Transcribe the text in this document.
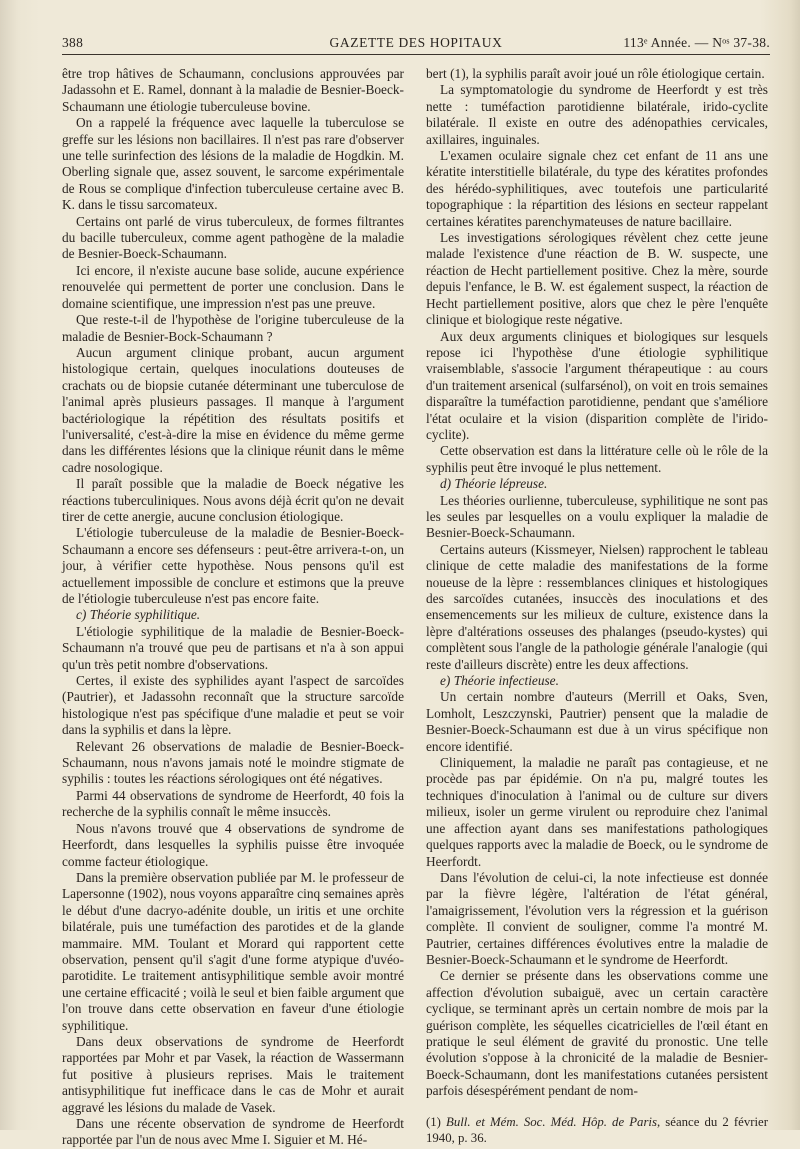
388	GAZETTE DES HOPITAUX	113ᵉ Année. — Nᵒˢ 37-38.

être trop hâtives de Schaumann, conclusions approuvées par Jadassohn et E. Ramel, donnant à la maladie de Besnier-Boeck-Schaumann une étiologie tuberculeuse bovine.

On a rappelé la fréquence avec laquelle la tuberculose se greffe sur les lésions non bacillaires. Il n'est pas rare d'observer une telle surinfection des lésions de la maladie de Hogdkin. M. Oberling signale que, assez souvent, le sarcome expérimentale de Rous se complique d'infection tuberculeuse certaine avec B. K. dans le tissu sarcomateux.

Certains ont parlé de virus tuberculeux, de formes filtrantes du bacille tuberculeux, comme agent pathogène de la maladie de Besnier-Boeck-Schaumann.

Ici encore, il n'existe aucune base solide, aucune expérience renouvelée qui permettent de porter une conclusion. Dans le domaine scientifique, une impression n'est pas une preuve.

Que reste-t-il de l'hypothèse de l'origine tuberculeuse de la maladie de Besnier-Bock-Schaumann ?

Aucun argument clinique probant, aucun argument histologique certain, quelques inoculations douteuses de crachats ou de biopsie cutanée déterminant une tuberculose de l'animal après plusieurs passages. Il manque à l'argument bactériologique la répétition des résultats positifs et l'universalité, c'est-à-dire la mise en évidence du même germe dans les différentes lésions que la clinique réunit dans le même cadre nosologique.

Il paraît possible que la maladie de Boeck négative les réactions tuberculiniques. Nous avons déjà écrit qu'on ne devait tirer de cette anergie, aucune conclusion étiologique.

L'étiologie tuberculeuse de la maladie de Besnier-Boeck-Schaumann a encore ses défenseurs : peut-être arrivera-t-on, un jour, à vérifier cette hypothèse. Nous pensons qu'il est actuellement impossible de conclure et estimons que la preuve de l'étiologie tuberculeuse n'est pas encore faite.

c) Théorie syphilitique.

L'étiologie syphilitique de la maladie de Besnier-Boeck-Schaumann n'a trouvé que peu de partisans et n'a à son appui qu'un très petit nombre d'observations.

Certes, il existe des syphilides ayant l'aspect de sarcoïdes (Pautrier), et Jadassohn reconnaît que la structure sarcoïde histologique n'est pas spécifique d'une maladie et peut se voir dans la syphilis et dans la lèpre.

Relevant 26 observations de maladie de Besnier-Boeck-Schaumann, nous n'avons jamais noté le moindre stigmate de syphilis : toutes les réactions sérologiques ont été négatives.

Parmi 44 observations de syndrome de Heerfordt, 40 fois la recherche de la syphilis connaît le même insuccès.

Nous n'avons trouvé que 4 observations de syndrome de Heerfordt, dans lesquelles la syphilis puisse être invoquée comme facteur étiologique.

Dans la première observation publiée par M. le professeur de Lapersonne (1902), nous voyons apparaître cinq semaines après le début d'une dacryo-adénite double, un iritis et une orchite bilatérale, puis une tuméfaction des parotides et de la glande mammaire. MM. Toulant et Morard qui rapportent cette observation, pensent qu'il s'agit d'une forme atypique d'uvéo-parotidite. Le traitement antisyphilitique semble avoir montré une certaine efficacité ; voilà le seul et bien faible argument que l'on trouve dans cette observation en faveur d'une étiologie syphilitique.

Dans deux observations de syndrome de Heerfordt rapportées par Mohr et par Vasek, la réaction de Wassermann fut positive à plusieurs reprises. Mais le traitement antisyphilitique fut inefficace dans le cas de Mohr et aurait aggravé les lésions du malade de Vasek.

Dans une récente observation de syndrome de Heerfordt rapportée par l'un de nous avec Mme I. Siguier et M. Hé-

bert (1), la syphilis paraît avoir joué un rôle étiologique certain.

La symptomatologie du syndrome de Heerfordt y est très nette : tuméfaction parotidienne bilatérale, irido-cyclite bilatérale. Il existe en outre des adénopathies cervicales, axillaires, inguinales.

L'examen oculaire signale chez cet enfant de 11 ans une kératite interstitielle bilatérale, du type des kératites profondes des hérédo-syphilitiques, avec toutefois une particularité topographique : la répartition des lésions en secteur rappelant certaines kératites parenchymateuses de nature bacillaire.

Les investigations sérologiques révèlent chez cette jeune malade l'existence d'une réaction de B. W. suspecte, une réaction de Hecht partiellement positive. Chez la mère, sourde depuis l'enfance, le B. W. est également suspect, la réaction de Hecht partiellement positive, alors que chez le père l'enquête clinique et biologique reste négative.

Aux deux arguments cliniques et biologiques sur lesquels repose ici l'hypothèse d'une étiologie syphilitique vraisemblable, s'associe l'argument thérapeutique : au cours d'un traitement arsenical (sulfarsénol), on voit en trois semaines disparaître la tuméfaction parotidienne, pendant que s'améliore l'état oculaire et la vision (disparition complète de l'irido-cyclite).

Cette observation est dans la littérature celle où le rôle de la syphilis peut être invoqué le plus nettement.

d) Théorie lépreuse.

Les théories ourlienne, tuberculeuse, syphilitique ne sont pas les seules par lesquelles on a voulu expliquer la maladie de Besnier-Boeck-Schaumann.

Certains auteurs (Kissmeyer, Nielsen) rapprochent le tableau clinique de cette maladie des manifestations de la forme noueuse de la lèpre : ressemblances cliniques et histologiques des sarcoïdes cutanées, insuccès des inoculations et des ensemencements sur les milieux de culture, existence dans la lèpre d'altérations osseuses des phalanges (pseudo-kystes) qui complètent sous l'angle de la pathologie générale l'analogie (qui reste d'ailleurs discrète) entre les deux affections.

e) Théorie infectieuse.

Un certain nombre d'auteurs (Merrill et Oaks, Sven, Lomholt, Leszczynski, Pautrier) pensent que la maladie de Besnier-Boeck-Schaumann est due à un virus spécifique non encore identifié.

Cliniquement, la maladie ne paraît pas contagieuse, et ne procède pas par épidémie. On n'a pu, malgré toutes les techniques d'inoculation à l'animal ou de culture sur divers milieux, isoler un germe virulent ou reproduire chez l'animal une affection ayant dans ses manifestations pathologiques quelques rapports avec la maladie de Boeck, ou le syndrome de Heerfordt.

Dans l'évolution de celui-ci, la note infectieuse est donnée par la fièvre légère, l'altération de l'état général, l'amaigrissement, l'évolution vers la régression et la guérison complète. Il convient de souligner, comme l'a montré M. Pautrier, certaines différences évolutives entre la maladie de Besnier-Boeck-Schaumann et le syndrome de Heerfordt.

Ce dernier se présente dans les observations comme une affection d'évolution subaiguë, avec un certain caractère cyclique, se terminant après un certain nombre de mois par la guérison complète, les séquelles cicatricielles de l'œil étant en pratique le seul élément de gravité du pronostic. Une telle évolution s'oppose à la chronicité de la maladie de Besnier-Boeck-Schaumann, dont les manifestations cutanées persistent parfois désespérément pendant de nom-

(1) Bull. et Mém. Soc. Méd. Hôp. de Paris, séance du 2 février 1940, p. 36.
